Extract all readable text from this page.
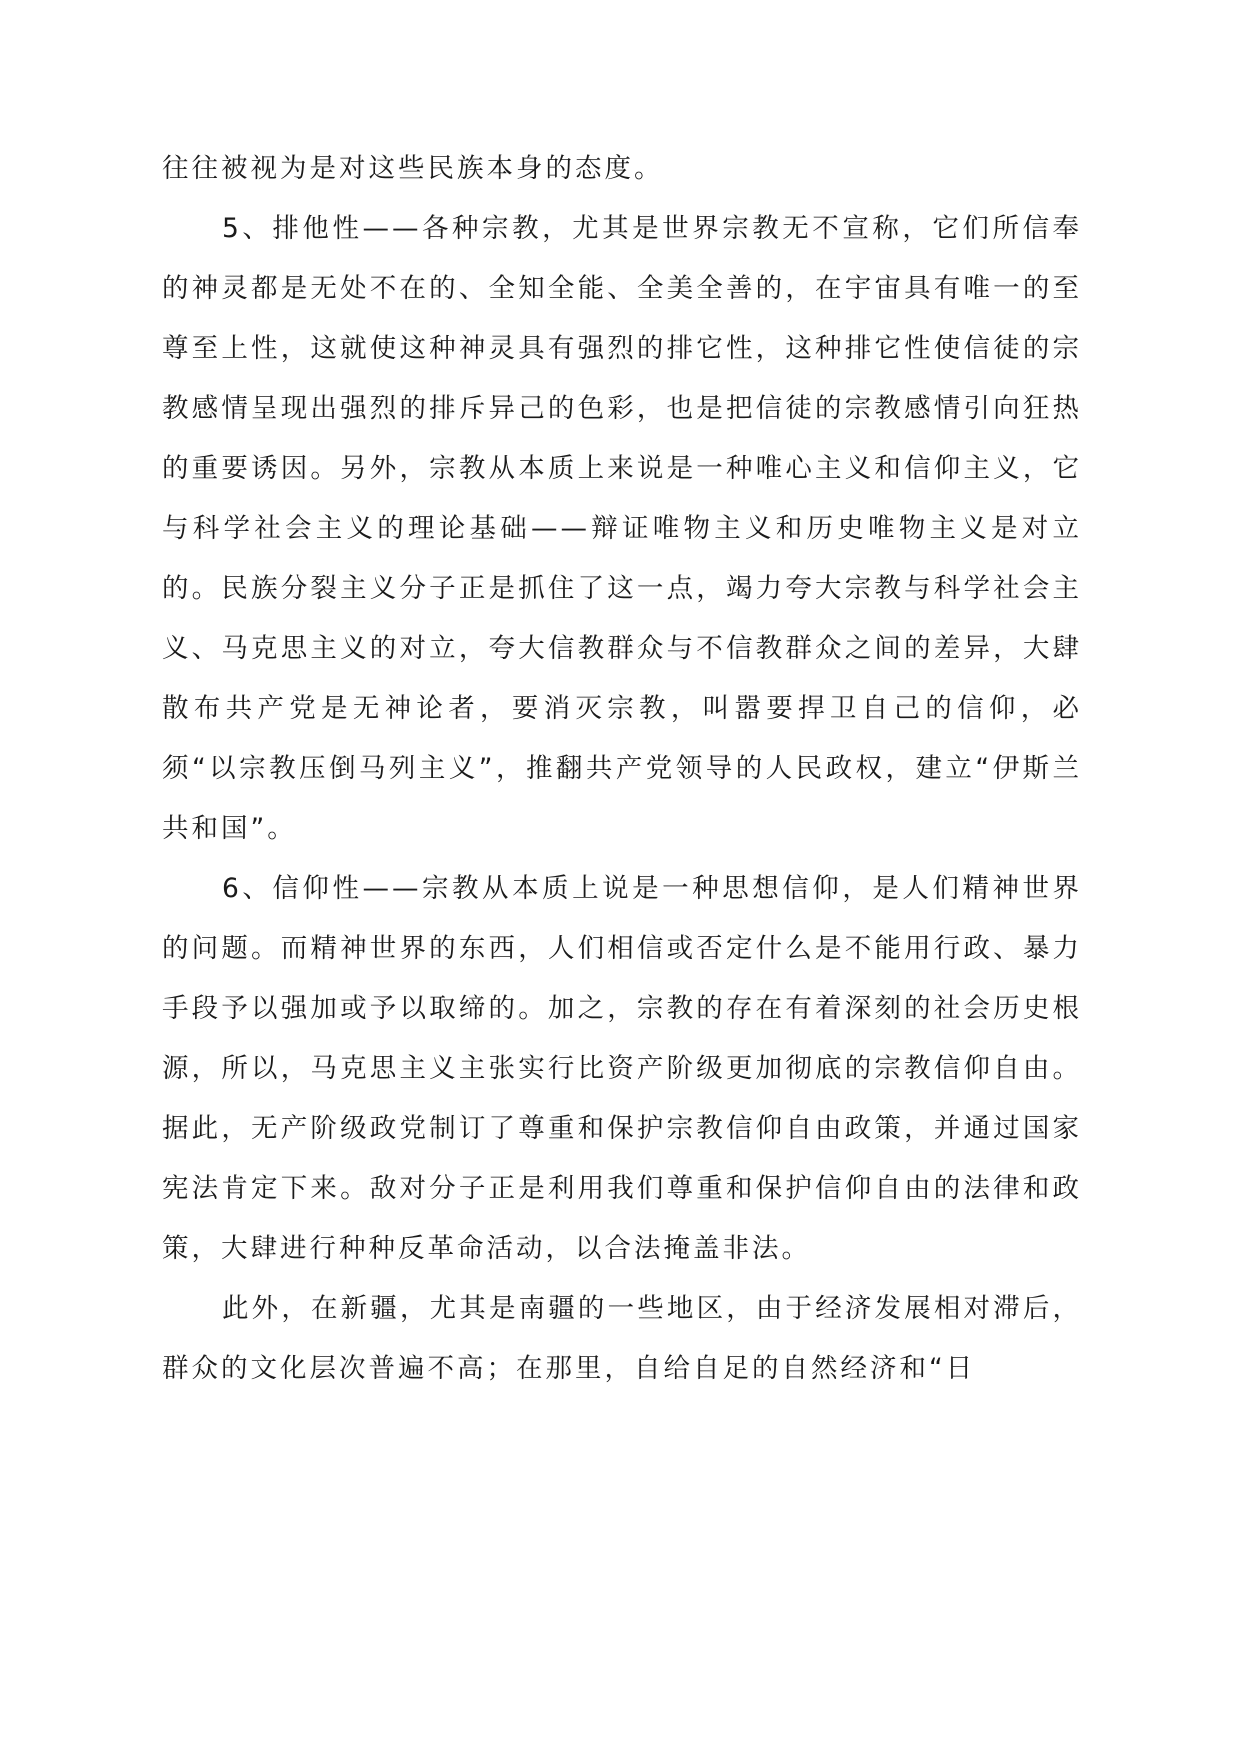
往往被视为是对这些民族本身的态度。

5、排他性——各种宗教，尤其是世界宗教无不宣称，它们所信奉的神灵都是无处不在的、全知全能、全美全善的，在宇宙具有唯一的至尊至上性，这就使这种神灵具有强烈的排它性，这种排它性使信徒的宗教感情呈现出强烈的排斥异己的色彩，也是把信徒的宗教感情引向狂热的重要诱因。另外，宗教从本质上来说是一种唯心主义和信仰主义，它与科学社会主义的理论基础——辩证唯物主义和历史唯物主义是对立的。民族分裂主义分子正是抓住了这一点，竭力夸大宗教与科学社会主义、马克思主义的对立，夸大信教群众与不信教群众之间的差异，大肆散布共产党是无神论者，要消灭宗教，叫嚣要捍卫自己的信仰，必须“以宗教压倒马列主义”，推翻共产党领导的人民政权，建立“伊斯兰共和国”。

6、信仰性——宗教从本质上说是一种思想信仰，是人们精神世界的问题。而精神世界的东西，人们相信或否定什么是不能用行政、暴力手段予以强加或予以取缔的。加之，宗教的存在有着深刻的社会历史根源，所以，马克思主义主张实行比资产阶级更加彻底的宗教信仰自由。据此，无产阶级政党制订了尊重和保护宗教信仰自由政策，并通过国家宪法肯定下来。敌对分子正是利用我们尊重和保护信仰自由的法律和政策，大肆进行种种反革命活动，以合法掩盖非法。

此外，在新疆，尤其是南疆的一些地区，由于经济发展相对滞后，群众的文化层次普遍不高；在那里，自给自足的自然经济和“日
